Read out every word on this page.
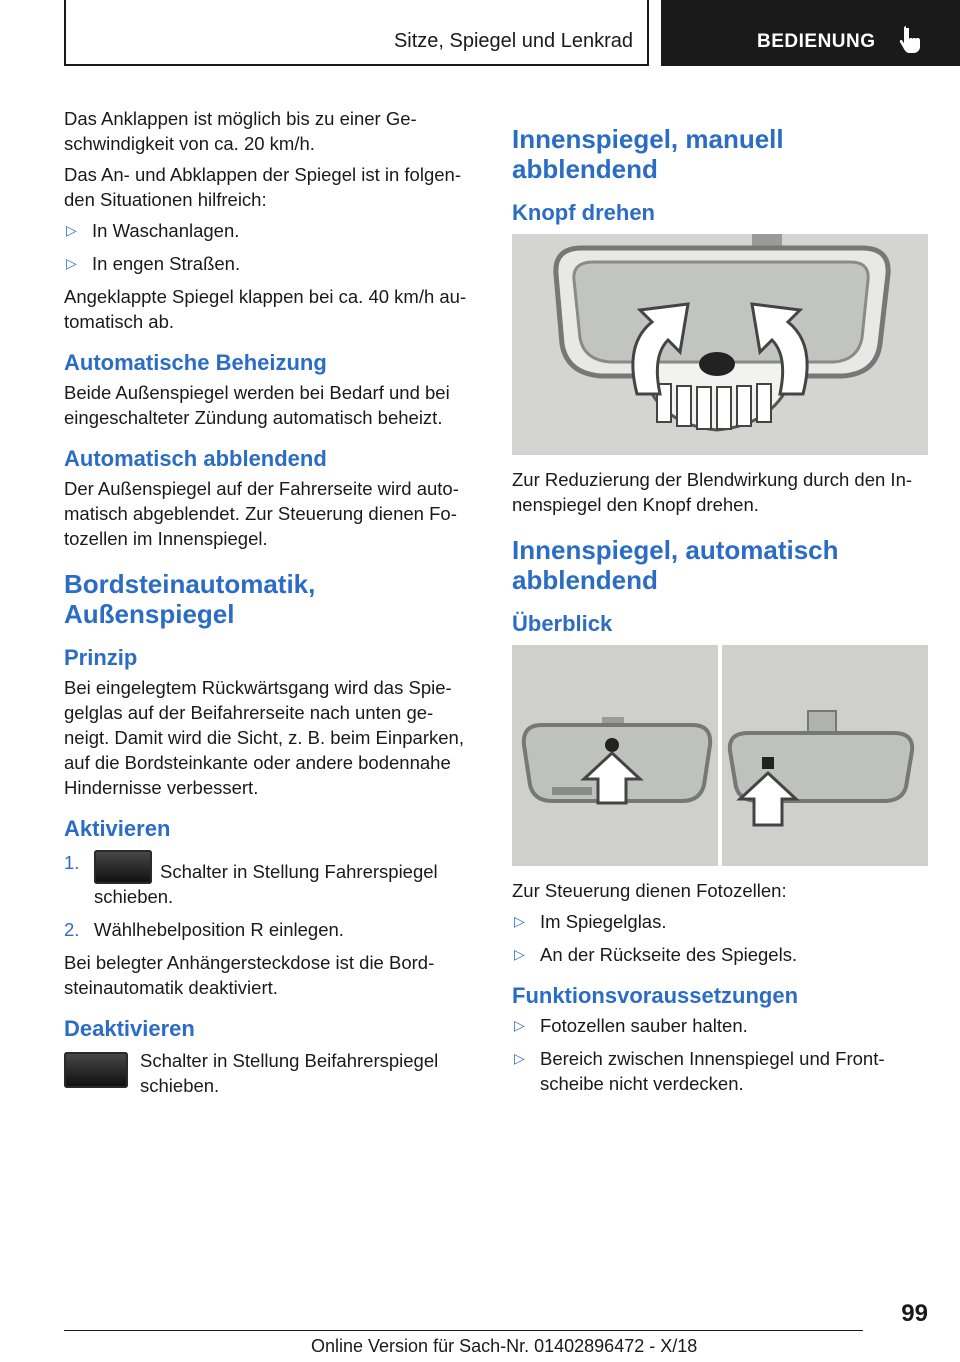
Sitze, Spiegel und Lenkrad	BEDIENUNG

Das Anklappen ist möglich bis zu einer Ge-schwindigkeit von ca. 20 km/h.

Das An- und Abklappen der Spiegel ist in folgen-den Situationen hilfreich:

▷ In Waschanlagen.
▷ In engen Straßen.

Angeklappte Spiegel klappen bei ca. 40 km/h au-tomatisch ab.

Automatische Beheizung

Beide Außenspiegel werden bei Bedarf und bei eingeschalteter Zündung automatisch beheizt.

Automatisch abblendend

Der Außenspiegel auf der Fahrerseite wird auto-matisch abgeblendet. Zur Steuerung dienen Fo-tozellen im Innenspiegel.

Bordsteinautomatik, Außenspiegel
Prinzip

Bei eingelegtem Rückwärtsgang wird das Spie-gelglas auf der Beifahrerseite nach unten ge-neigt. Damit wird die Sicht, z. B. beim Einparken, auf die Bordsteinkante oder andere bodennahe Hindernisse verbessert.

Aktivieren
1.	Schalter in Stellung Fahrerspiegel schieben.
2. Wählhebelposition R einlegen.

Bei belegter Anhängersteckdose ist die Bord-steinautomatik deaktiviert.

Deaktivieren
Schalter in Stellung Beifahrerspiegel schieben.
Innenspiegel, manuell abblendend
Knopf drehen

Zur Reduzierung der Blendwirkung durch den In-nenspiegel den Knopf drehen.

Innenspiegel, automatisch abblendend
Überblick

Zur Steuerung dienen Fotozellen:

▷ Im Spiegelglas.
▷ An der Rückseite des Spiegels.
Funktionsvoraussetzungen
▷ Fotozellen sauber halten.
▷ Bereich zwischen Innenspiegel und Front-scheibe nicht verdecken.
99
Online Version für Sach-Nr. 01402896472 - X/18
